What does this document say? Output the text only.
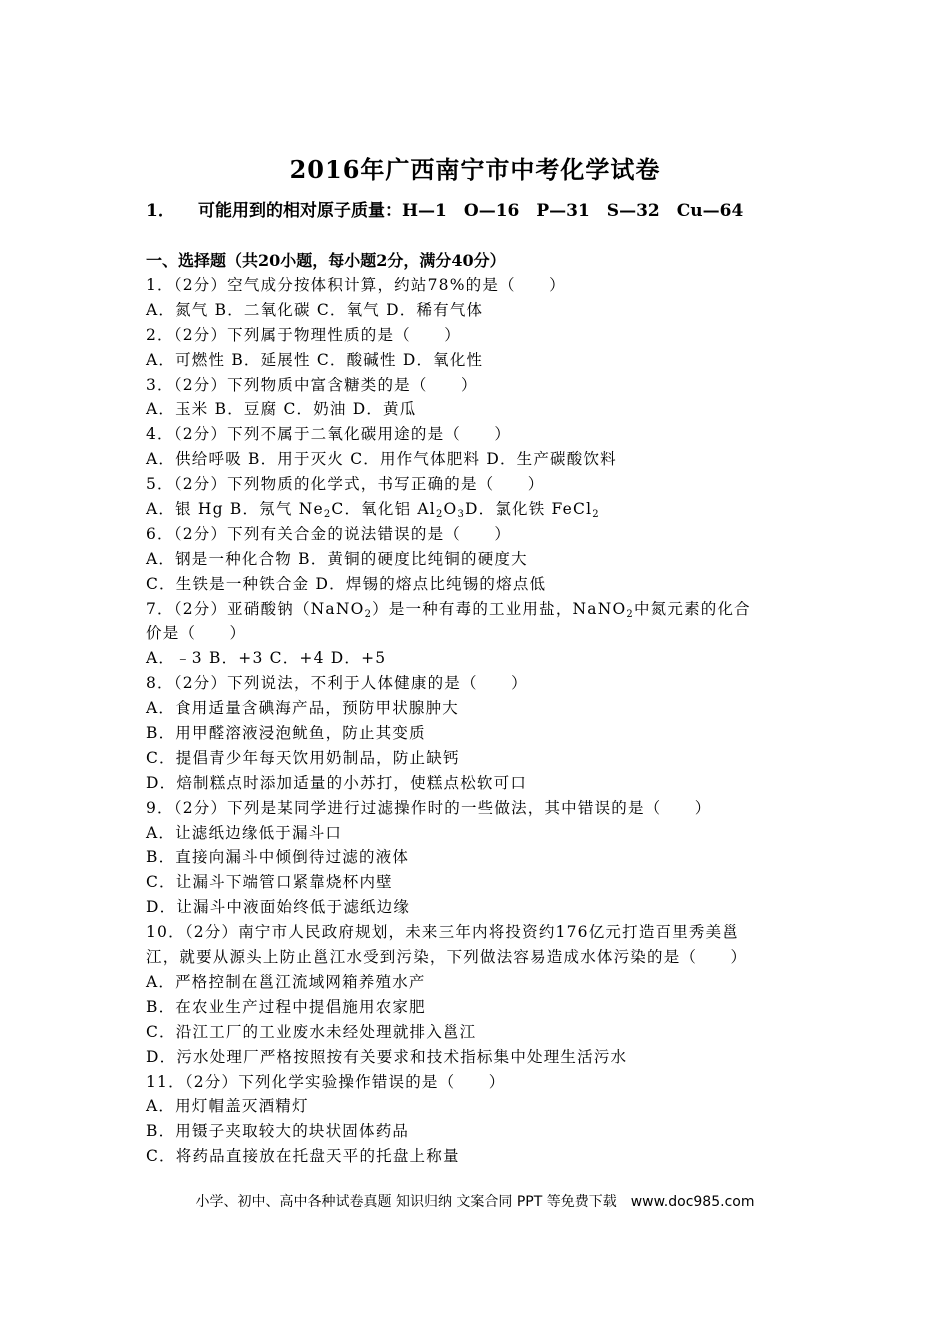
2016年广西南宁市中考化学试卷
1． 可能用到的相对原子质量：H—1　O—16　P—31　S—32　Cu—64
一、选择题（共20小题，每小题2分，满分40分）
1．（2分）空气成分按体积计算，约站78%的是（　　）
A．氮气 B．二氧化碳 C．氧气 D．稀有气体
2．（2分）下列属于物理性质的是（　　）
A．可燃性 B．延展性 C．酸碱性 D．氧化性
3．（2分）下列物质中富含糖类的是（　　）
A．玉米 B．豆腐 C．奶油 D．黄瓜
4．（2分）下列不属于二氧化碳用途的是（　　）
A．供给呼吸 B．用于灭火 C．用作气体肥料 D．生产碳酸饮料
5．（2分）下列物质的化学式，书写正确的是（　　）
A．银 Hg B．氖气 $Ne_2C$．氧化铝 $Al_2O_3D$．氯化铁 FeCl$_2$
6．（2分）下列有关合金的说法错误的是（　　）
A．钢是一种化合物 B．黄铜的硬度比纯铜的硬度大
C．生铁是一种铁合金 D．焊锡的熔点比纯锡的熔点低
7．（2分）亚硝酸钠（NaNO$_2$）是一种有毒的工业用盐，NaNO$_2$中氮元素的化合
价是（　　）
A．﹣3 B．+3 C．+4 D．+5
8．（2分）下列说法，不利于人体健康的是（　　）
A．食用适量含碘海产品，预防甲状腺肿大
B．用甲醛溶液浸泡鱿鱼，防止其变质
C．提倡青少年每天饮用奶制品，防止缺钙
D．焙制糕点时添加适量的小苏打，使糕点松软可口
9．（2分）下列是某同学进行过滤操作时的一些做法，其中错误的是（　　）
A．让滤纸边缘低于漏斗口
B．直接向漏斗中倾倒待过滤的液体
C．让漏斗下端管口紧靠烧杯内壁
D．让漏斗中液面始终低于滤纸边缘
10．（2分）南宁市人民政府规划，未来三年内将投资约176亿元打造百里秀美邕
江，就要从源头上防止邕江水受到污染，下列做法容易造成水体污染的是（　　）
A．严格控制在邕江流域网箱养殖水产
B．在农业生产过程中提倡施用农家肥
C．沿江工厂的工业废水未经处理就排入邕江
D．污水处理厂严格按照按有关要求和技术指标集中处理生活污水
11．（2分）下列化学实验操作错误的是（　　）
A．用灯帽盖灭酒精灯
B．用镊子夹取较大的块状固体药品
C．将药品直接放在托盘天平的托盘上称量
小学、初中、高中各种试卷真题 知识归纳 文案合同 PPT 等免费下载　www.doc985.com
